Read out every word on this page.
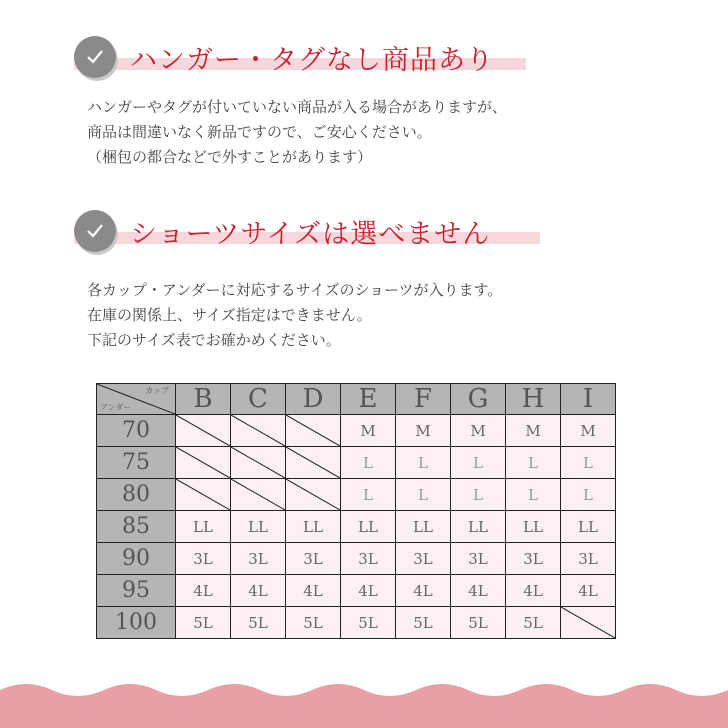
ハンガー・タグなし商品あり
ハンガーやタグが付いていない商品が入る場合がありますが、
商品は間違いなく新品ですので、ご安心ください。
（梱包の都合などで外すことがあります）
ショーツサイズは選べません
各カップ・アンダーに対応するサイズのショーツが入ります。
在庫の関係上、サイズ指定はできません。
下記のサイズ表でお確かめください。
カップ
アンダー	B	C	D	E	F	G	H	I
70				M	M	M	M	M
75				L	L	L	L	L
80				L	L	L	L	L
85	LL	LL	LL	LL	LL	LL	LL	LL
90	3L	3L	3L	3L	3L	3L	3L	3L
95	4L	4L	4L	4L	4L	4L	4L	4L
100	5L	5L	5L	5L	5L	5L	5L	
